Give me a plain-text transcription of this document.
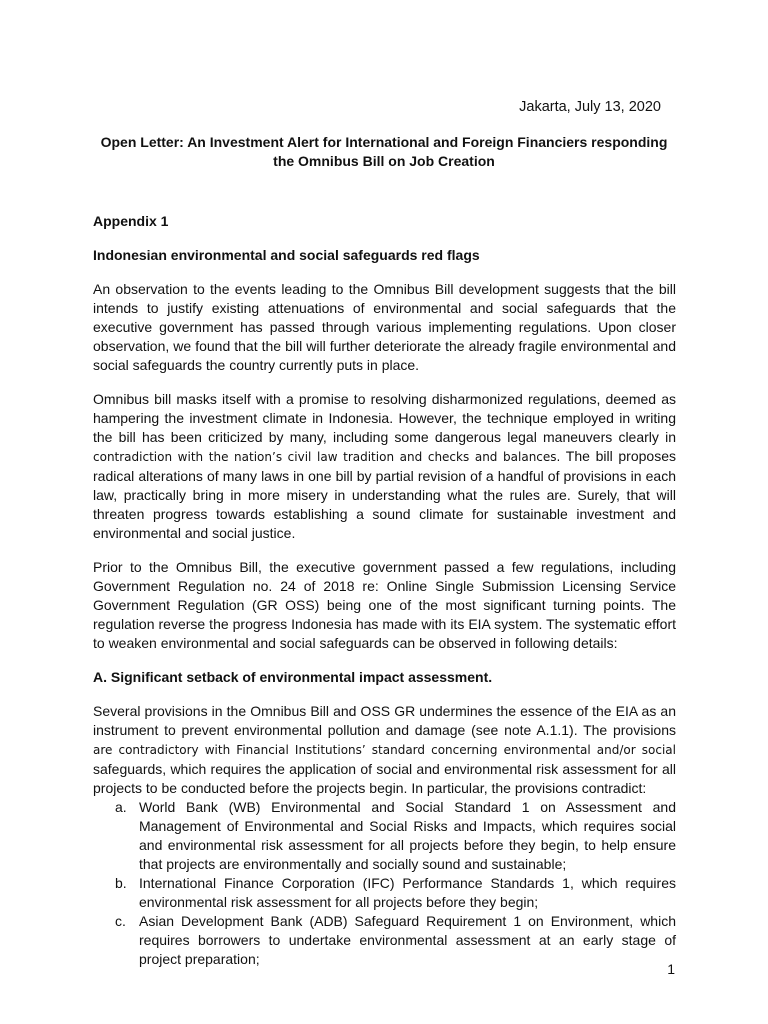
Jakarta, July 13, 2020
Open Letter: An Investment Alert for International and Foreign Financiers responding
the Omnibus Bill on Job Creation
Appendix 1
Indonesian environmental and social safeguards red flags

An observation to the events leading to the Omnibus Bill development suggests that the bill intends to justify existing attenuations of environmental and social safeguards that the executive government has passed through various implementing regulations. Upon closer observation, we found that the bill will further deteriorate the already fragile environmental and social safeguards the country currently puts in place.

Omnibus bill masks itself with a promise to resolving disharmonized regulations, deemed as hampering the investment climate in Indonesia. However, the technique employed in writing the bill has been criticized by many, including some dangerous legal maneuvers clearly in contradiction with the nation’s civil law tradition and checks and balances. The bill proposes radical alterations of many laws in one bill by partial revision of a handful of provisions in each law, practically bring in more misery in understanding what the rules are. Surely, that will threaten progress towards establishing a sound climate for sustainable investment and environmental and social justice.

Prior to the Omnibus Bill, the executive government passed a few regulations, including Government Regulation no. 24 of 2018 re: Online Single Submission Licensing Service Government Regulation (GR OSS) being one of the most significant turning points. The regulation reverse the progress Indonesia has made with its EIA system. The systematic effort to weaken environmental and social safeguards can be observed in following details:

A. Significant setback of environmental impact assessment.

Several provisions in the Omnibus Bill and OSS GR undermines the essence of the EIA as an instrument to prevent environmental pollution and damage (see note A.1.1). The provisions are contradictory with Financial Institutions’ standard concerning environmental and/or social safeguards, which requires the application of social and environmental risk assessment for all projects to be conducted before the projects begin. In particular, the provisions contradict:

a. World Bank (WB) Environmental and Social Standard 1 on Assessment and Management of Environmental and Social Risks and Impacts, which requires social and environmental risk assessment for all projects before they begin, to help ensure that projects are environmentally and socially sound and sustainable;
b. International Finance Corporation (IFC) Performance Standards 1, which requires environmental risk assessment for all projects before they begin;
c. Asian Development Bank (ADB) Safeguard Requirement 1 on Environment, which requires borrowers to undertake environmental assessment at an early stage of project preparation;
1
